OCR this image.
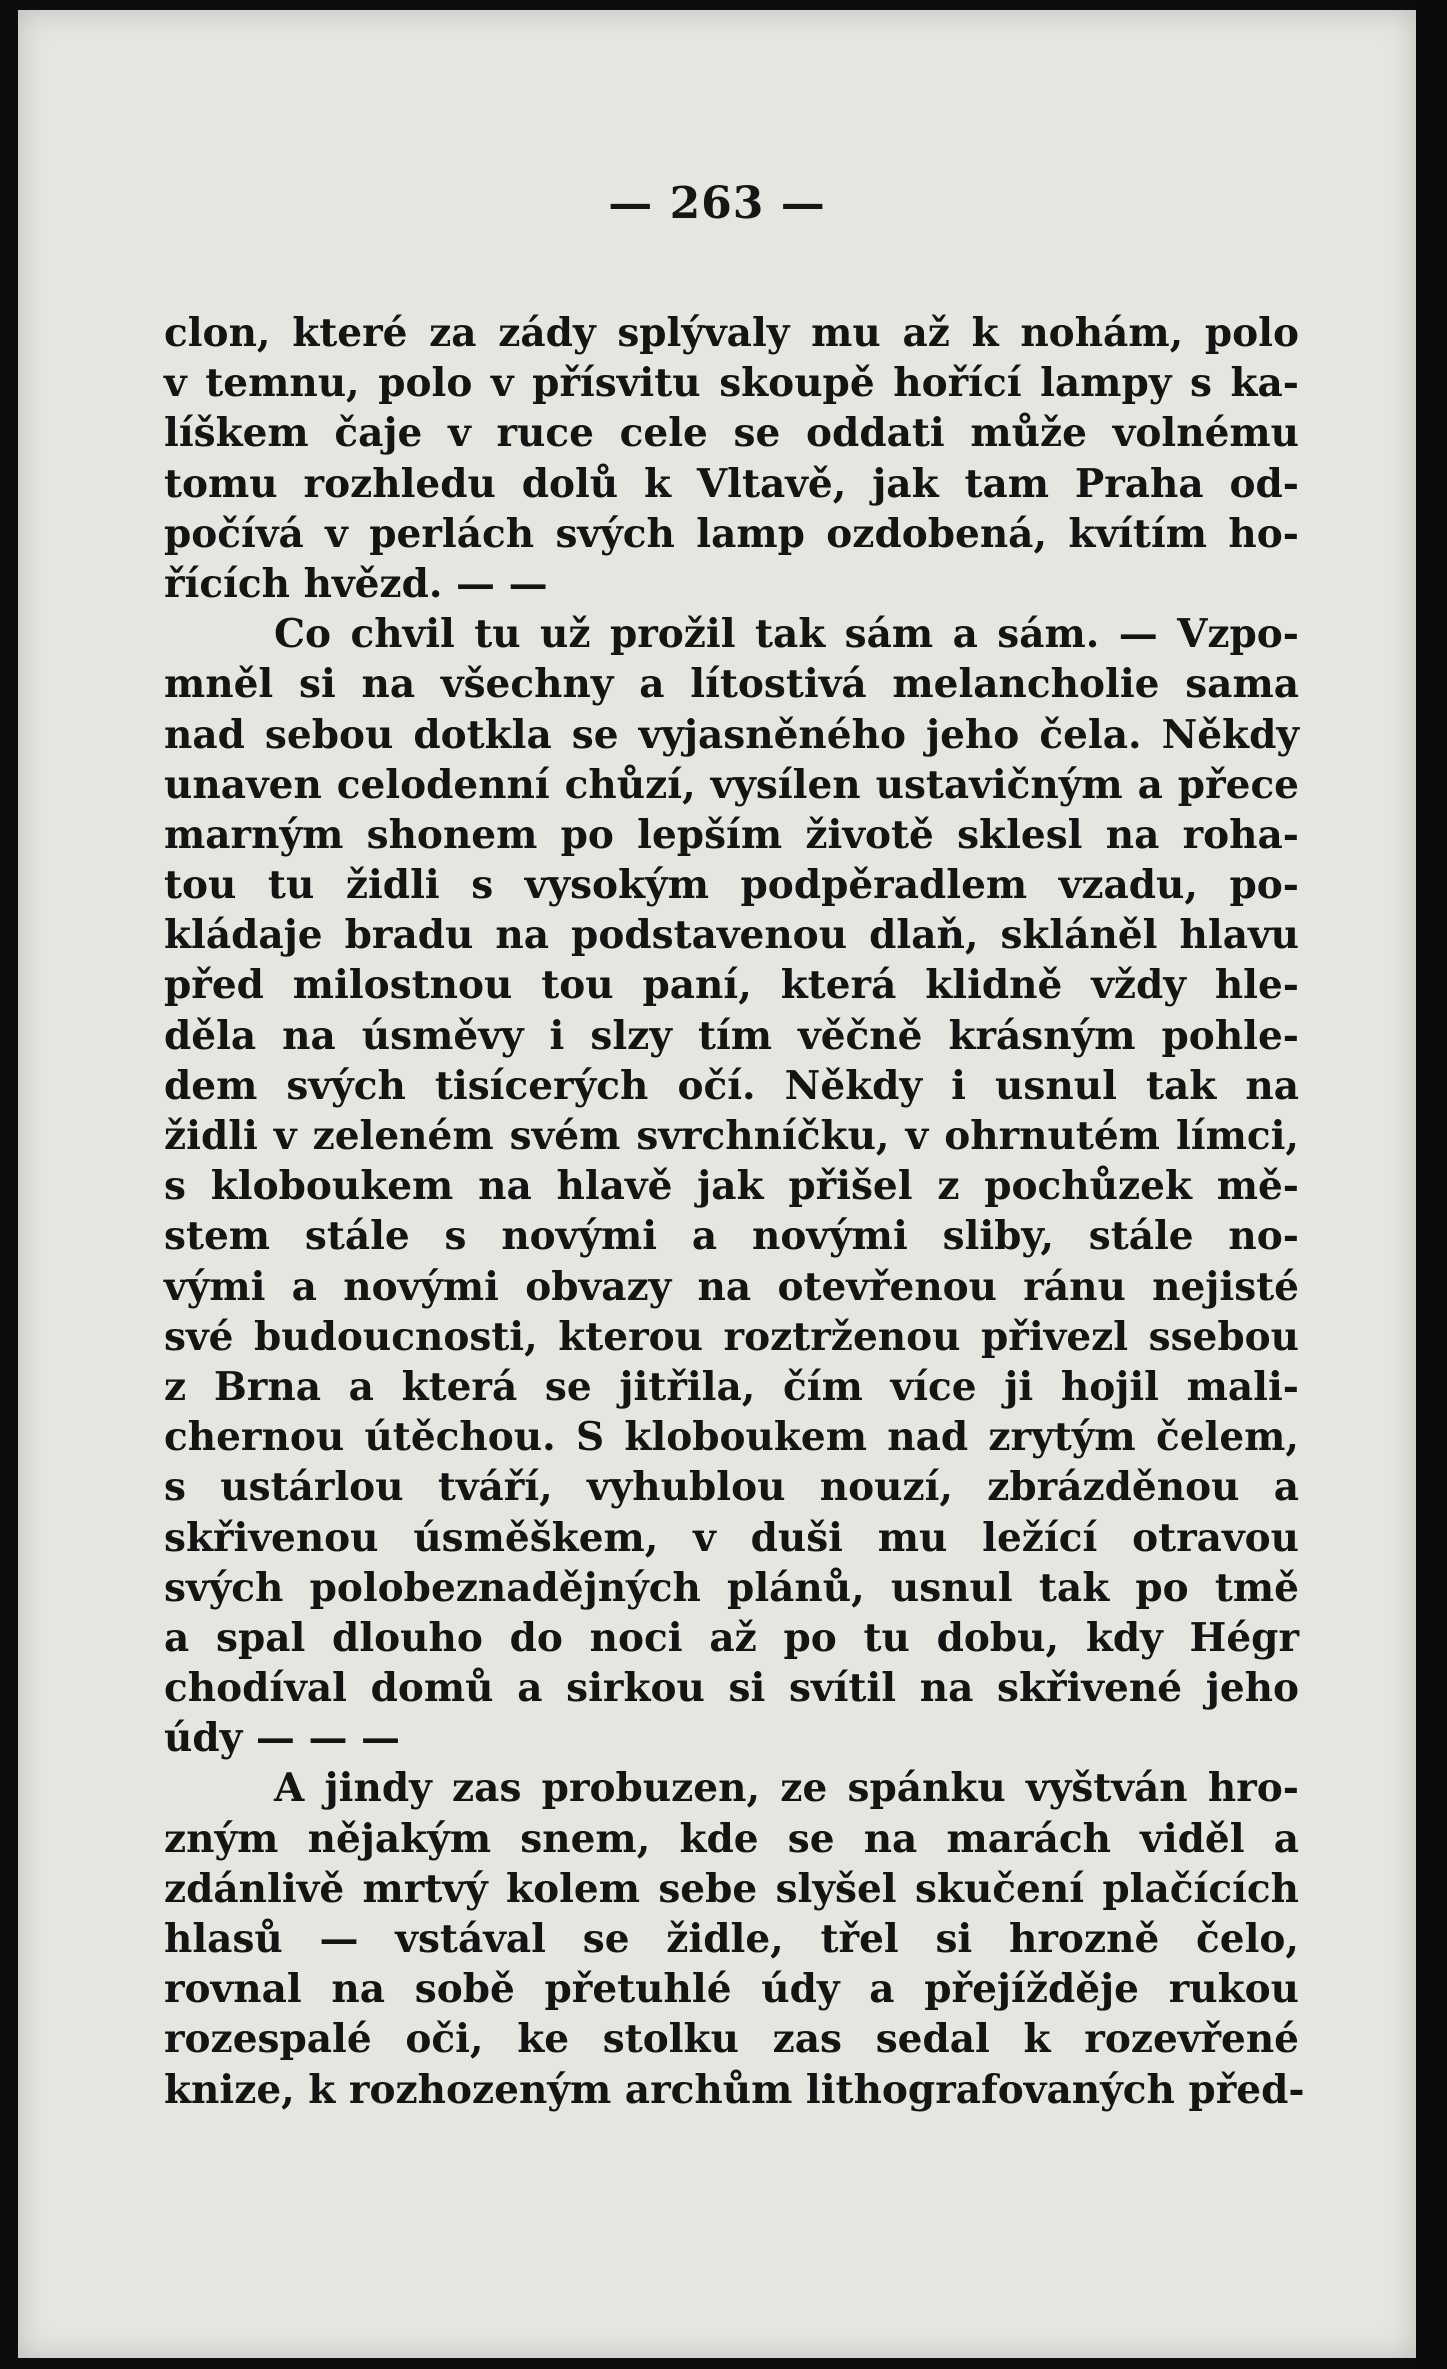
— 263 —
clon, které za zády splývaly mu až k nohám, polo
v temnu, polo v přísvitu skoupě hořící lampy s ka-
líškem čaje v ruce cele se oddati může volnému
tomu rozhledu dolů k Vltavě, jak tam Praha od-
počívá v perlách svých lamp ozdobená, kvítím ho-
řících hvězd. — —
Co chvil tu už prožil tak sám a sám. — Vzpo-
mněl si na všechny a lítostivá melancholie sama
nad sebou dotkla se vyjasněného jeho čela. Někdy
unaven celodenní chůzí, vysílen ustavičným a přece
marným shonem po lepším životě sklesl na roha-
tou tu židli s vysokým podpěradlem vzadu, po-
kládaje bradu na podstavenou dlaň, skláněl hlavu
před milostnou tou paní, která klidně vždy hle-
děla na úsměvy i slzy tím věčně krásným pohle-
dem svých tisícerých očí. Někdy i usnul tak na
židli v zeleném svém svrchníčku, v ohrnutém límci,
s kloboukem na hlavě jak přišel z pochůzek mě-
stem stále s novými a novými sliby, stále no-
vými a novými obvazy na otevřenou ránu nejisté
své budoucnosti, kterou roztrženou přivezl ssebou
z Brna a která se jitřila, čím více ji hojil mali-
chernou útěchou. S kloboukem nad zrytým čelem,
s ustárlou tváří, vyhublou nouzí, zbrázděnou a
skřivenou úsměškem, v duši mu ležící otravou
svých polobeznadějných plánů, usnul tak po tmě
a spal dlouho do noci až po tu dobu, kdy Hégr
chodíval domů a sirkou si svítil na skřivené jeho
údy — — —
A jindy zas probuzen, ze spánku vyštván hro-
zným nějakým snem, kde se na marách viděl a
zdánlivě mrtvý kolem sebe slyšel skučení plačících
hlasů — vstával se židle, třel si hrozně čelo,
rovnal na sobě přetuhlé údy a přejížděje rukou
rozespalé oči, ke stolku zas sedal k rozevřené
knize, k rozhozeným archům lithografovaných před-
